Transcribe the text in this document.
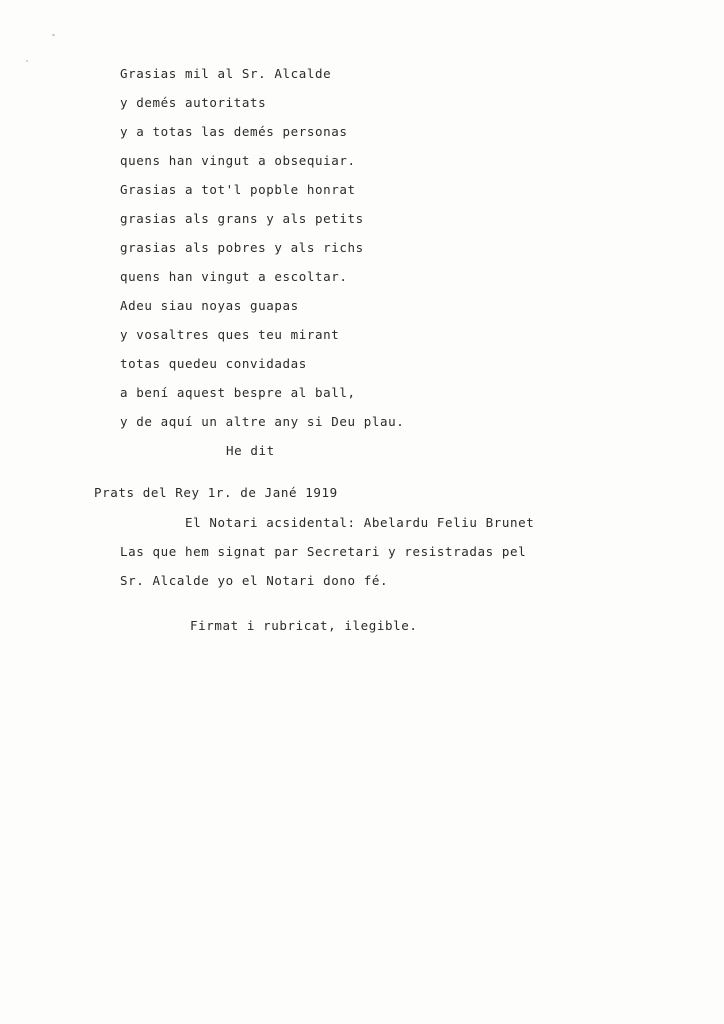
Grasias mil al Sr. Alcalde

y demés autoritats

y a totas las demés personas

quens han vingut a obsequiar.

Grasias a tot'l popble honrat

grasias als grans y als petits

grasias als pobres y als richs

quens han vingut a escoltar.

Adeu siau noyas guapas

y vosaltres ques teu mirant

totas quedeu convidadas

a bení aquest bespre al ball,

y de aquí un altre any si Deu plau.

He dit

Prats del Rey 1r. de Jané 1919

El Notari acsidental: Abelardu Feliu Brunet

Las que hem signat par Secretari y resistradas pel

Sr. Alcalde yo el Notari dono fé.

Firmat i rubricat, ilegible.
